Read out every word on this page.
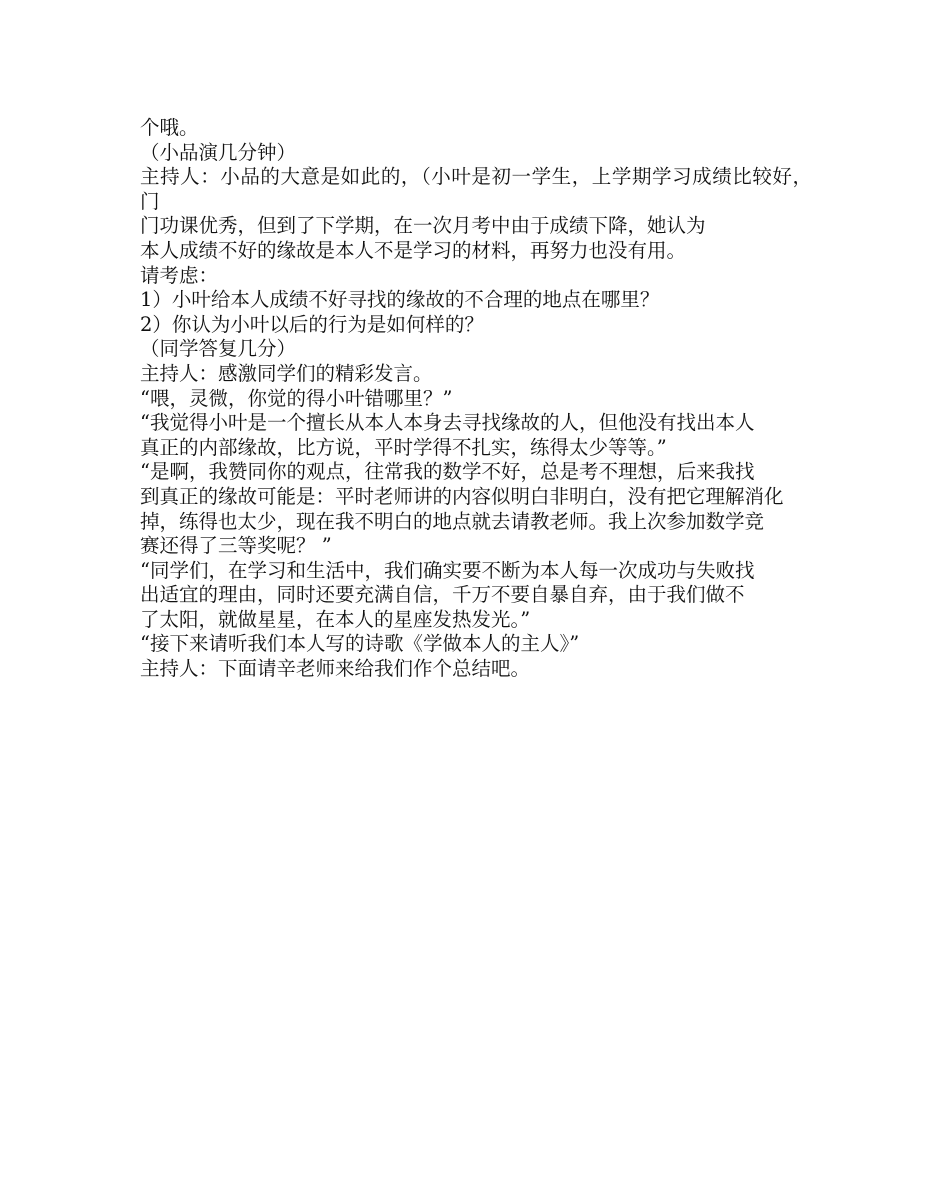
个哦。

（小品演几分钟）

主持人：小品的大意是如此的，（小叶是初一学生，上学期学习成绩比较好，门

门功课优秀，但到了下学期，在一次月考中由于成绩下降，她认为

本人成绩不好的缘故是本人不是学习的材料，再努力也没有用。

请考虑：

1）小叶给本人成绩不好寻找的缘故的不合理的地点在哪里？

2）你认为小叶以后的行为是如何样的？

（同学答复几分）

主持人：感激同学们的精彩发言。

“喂，灵微，你觉的得小叶错哪里？”

“我觉得小叶是一个擅长从本人本身去寻找缘故的人，但他没有找出本人

真正的内部缘故，比方说，平时学得不扎实，练得太少等等。”

“是啊，我赞同你的观点，往常我的数学不好，总是考不理想，后来我找

到真正的缘故可能是：平时老师讲的内容似明白非明白，没有把它理解消化

掉，练得也太少，现在我不明白的地点就去请教老师。我上次参加数学竞

赛还得了三等奖呢？ ”

“同学们，在学习和生活中，我们确实要不断为本人每一次成功与失败找

出适宜的理由，同时还要充满自信，千万不要自暴自弃，由于我们做不

了太阳，就做星星，在本人的星座发热发光。”

“接下来请听我们本人写的诗歌《学做本人的主人》”

主持人：下面请辛老师来给我们作个总结吧。
